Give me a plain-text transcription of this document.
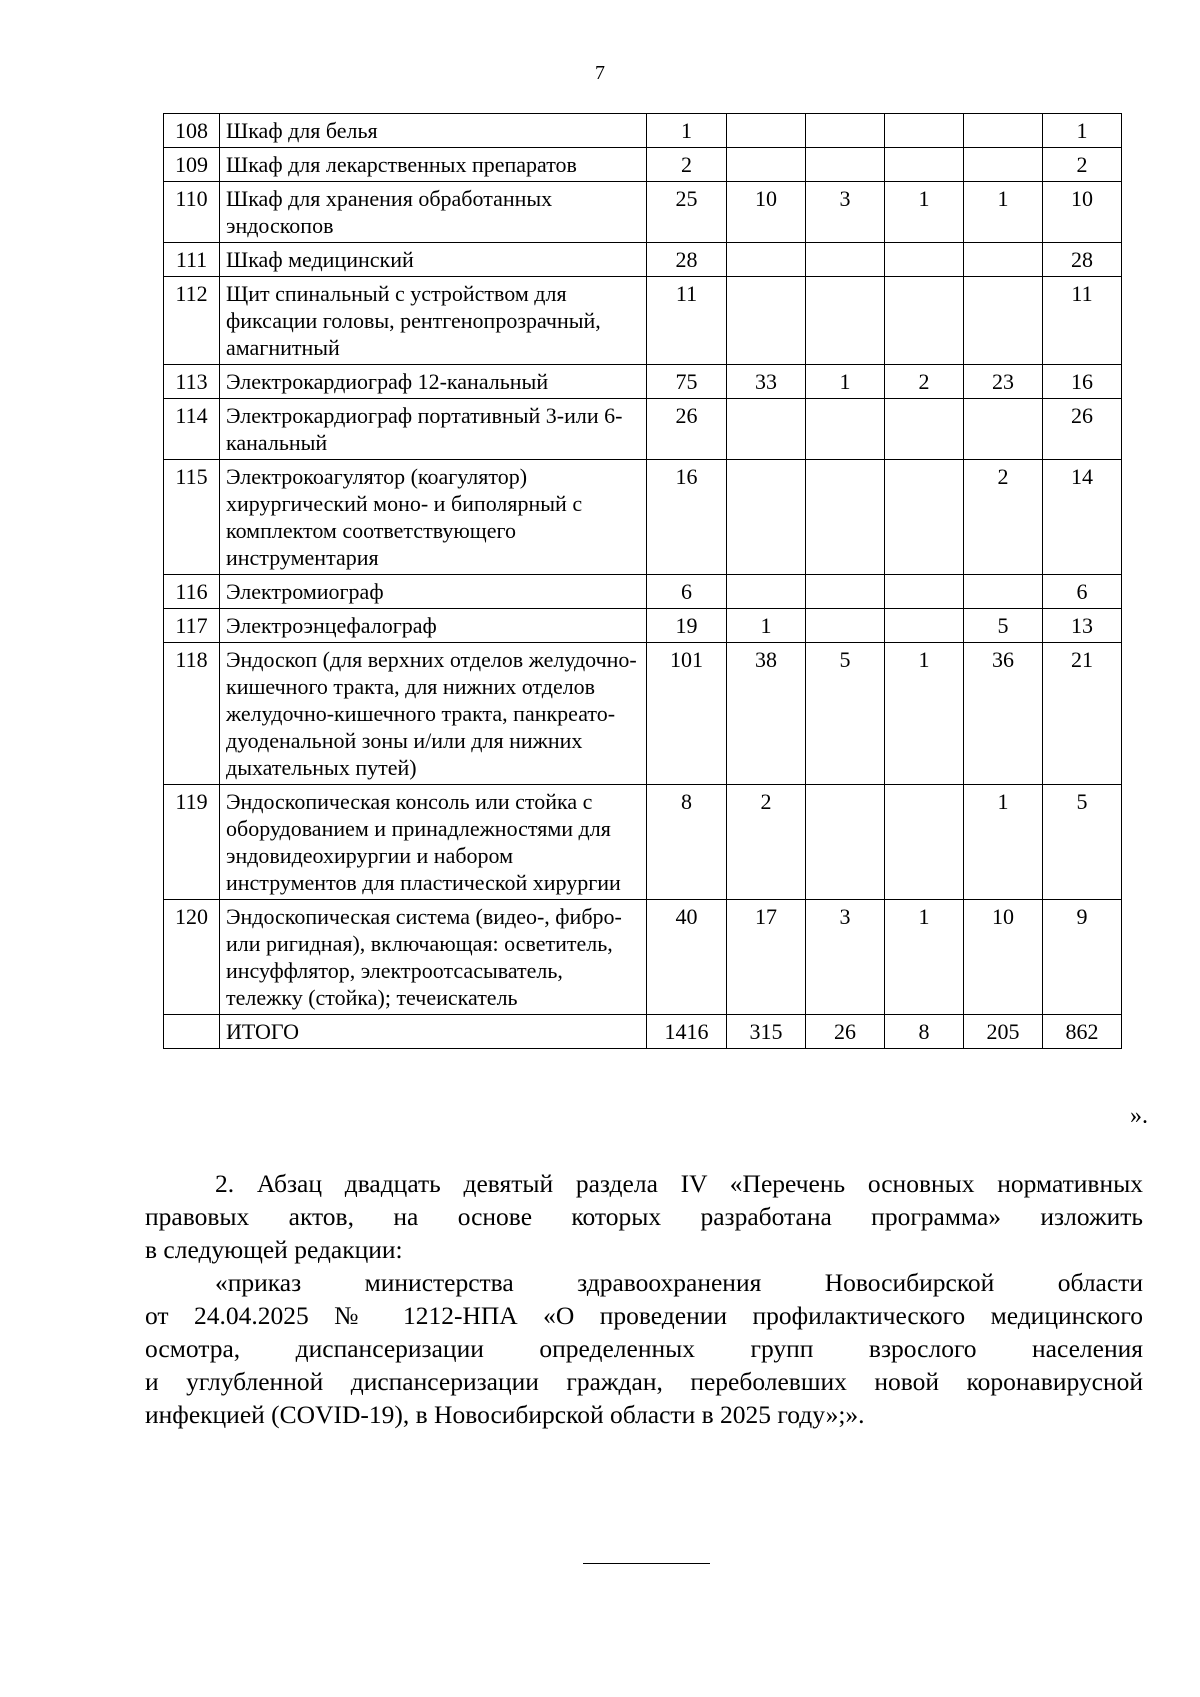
7
108	Шкаф для белья	1					1
109	Шкаф для лекарственных препаратов	2					2
110	Шкаф для хранения обработанных эндоскопов	25	10	3	1	1	10
111	Шкаф медицинский	28					28
112	Щит спинальный с устройством для фиксации головы, рентгенопрозрачный, амагнитный	11					11
113	Электрокардиограф 12-канальный	75	33	1	2	23	16
114	Электрокардиограф портативный 3-или 6-канальный	26					26
115	Электрокоагулятор (коагулятор) хирургический моно- и биполярный с комплектом соответствующего инструментария	16				2	14
116	Электромиограф	6					6
117	Электроэнцефалограф	19	1			5	13
118	Эндоскоп (для верхних отделов желудочно-кишечного тракта, для нижних отделов желудочно-кишечного тракта, панкреато-дуоденальной зоны и/или для нижних дыхательных путей)	101	38	5	1	36	21
119	Эндоскопическая консоль или стойка с оборудованием и принадлежностями для эндовидеохирургии и набором инструментов для пластической хирургии	8	2			1	5
120	Эндоскопическая система (видео-, фибро- или ригидная), включающая: осветитель, инсуффлятор, электроотсасыватель, тележку (стойка); течеискатель	40	17	3	1	10	9
	ИТОГО	1416	315	26	8	205	862
».
2. Абзац двадцать девятый раздела IV «Перечень основных нормативных
правовых актов, на основе которых разработана программа» изложить
в следующей редакции:
«приказ министерства здравоохранения Новосибирской области
от 24.04.2025 № 1212-НПА «О проведении профилактического медицинского
осмотра, диспансеризации определенных групп взрослого населения
и углубленной диспансеризации граждан, переболевших новой коронавирусной
инфекцией (COVID-19), в Новосибирской области в 2025 году»;».
